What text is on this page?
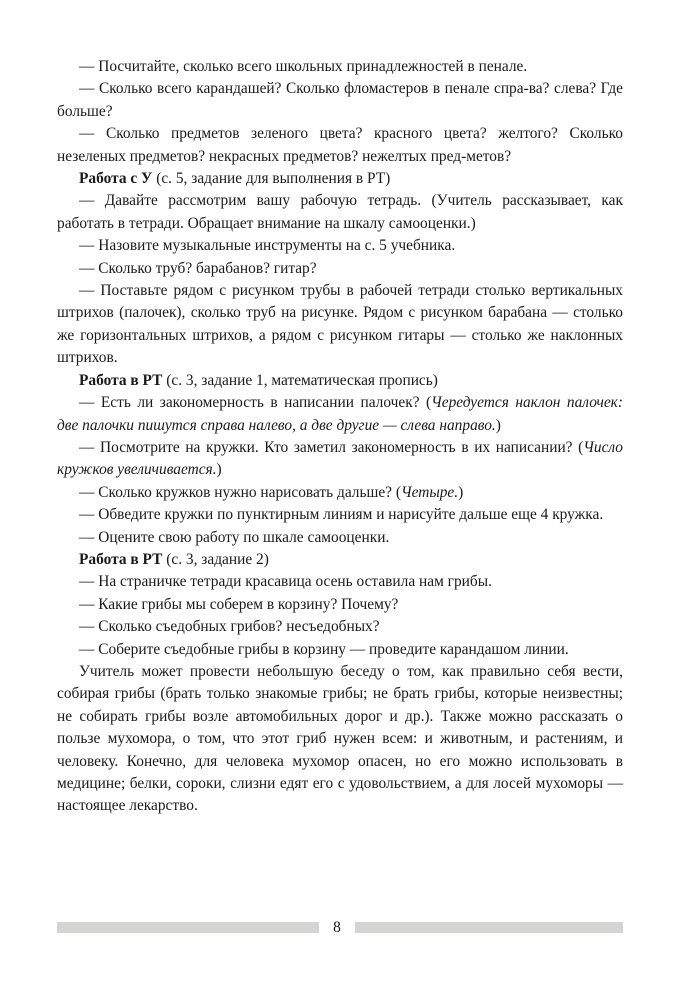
— Посчитайте, сколько всего школьных принадлежностей в пенале.

— Сколько всего карандашей? Сколько фломастеров в пенале спра-ва? слева? Где больше?

— Сколько предметов зеленого цвета? красного цвета? желтого? Сколько незеленых предметов? некрасных предметов? нежелтых пред-метов?

Работа с У (с. 5, задание для выполнения в РТ)

— Давайте рассмотрим вашу рабочую тетрадь. (Учитель рассказывает, как работать в тетради. Обращает внимание на шкалу самооценки.)

— Назовите музыкальные инструменты на с. 5 учебника.

— Сколько труб? барабанов? гитар?

— Поставьте рядом с рисунком трубы в рабочей тетради столько вертикальных штрихов (палочек), сколько труб на рисунке. Рядом с рисунком барабана — столько же горизонтальных штрихов, а рядом с рисунком гитары — столько же наклонных штрихов.

Работа в РТ (с. 3, задание 1, математическая пропись)

— Есть ли закономерность в написании палочек? (Чередуется наклон палочек: две палочки пишутся справа налево, а две другие — слева направо.)

— Посмотрите на кружки. Кто заметил закономерность в их написании? (Число кружков увеличивается.)

— Сколько кружков нужно нарисовать дальше? (Четыре.)

— Обведите кружки по пунктирным линиям и нарисуйте дальше еще 4 кружка.

— Оцените свою работу по шкале самооценки.

Работа в РТ (с. 3, задание 2)

— На страничке тетради красавица осень оставила нам грибы.

— Какие грибы мы соберем в корзину? Почему?

— Сколько съедобных грибов? несъедобных?

— Соберите съедобные грибы в корзину — проведите карандашом линии.

Учитель может провести небольшую беседу о том, как правильно себя вести, собирая грибы (брать только знакомые грибы; не брать грибы, которые неизвестны; не собирать грибы возле автомобильных дорог и др.). Также можно рассказать о пользе мухомора, о том, что этот гриб нужен всем: и животным, и растениям, и человеку. Конечно, для человека мухомор опасен, но его можно использовать в медицине; белки, сороки, слизни едят его с удовольствием, а для лосей мухоморы — настоящее лекарство.

8
